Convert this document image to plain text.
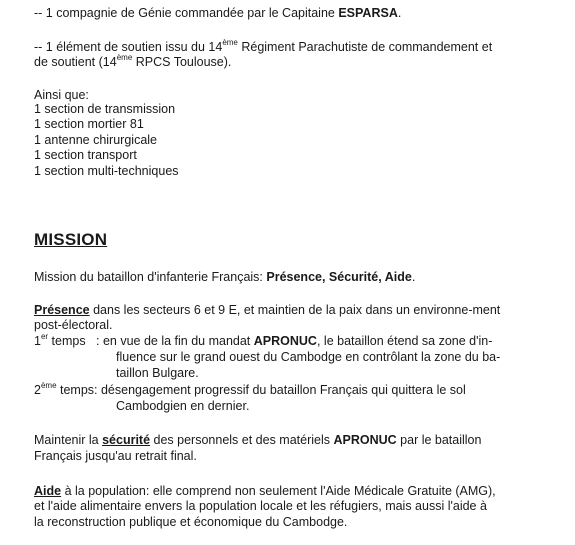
-- 1 compagnie de Génie commandée par le Capitaine ESPARSA.
-- 1 élément de soutien issu du 14ème Régiment Parachutiste de commandement et
de soutient (14ème RPCS Toulouse).
Ainsi que:
1 section de transmission
1 section mortier 81
1 antenne chirurgicale
1 section transport
1 section multi-techniques
MISSION
Mission du bataillon d'infanterie Français: Présence, Sécurité, Aide.
Présence dans les secteurs 6 et 9 E, et maintien de la paix dans un environne-ment
post-électoral.
1er temps   : en vue de la fin du mandat APRONUC, le bataillon étend sa zone d'in-
fluence sur le grand ouest du Cambodge en contrôlant la zone du ba-
taillon Bulgare.
2ème temps: désengagement progressif du bataillon Français qui quittera le sol
Cambodgien en dernier.
Maintenir la sécurité des personnels et des matériels APRONUC par le bataillon
Français jusqu'au retrait final.
Aide à la population: elle comprend non seulement l'Aide Médicale Gratuite (AMG),
et l'aide alimentaire envers la population locale et les réfugiers, mais aussi l'aide à
la reconstruction publique et économique du Cambodge.
